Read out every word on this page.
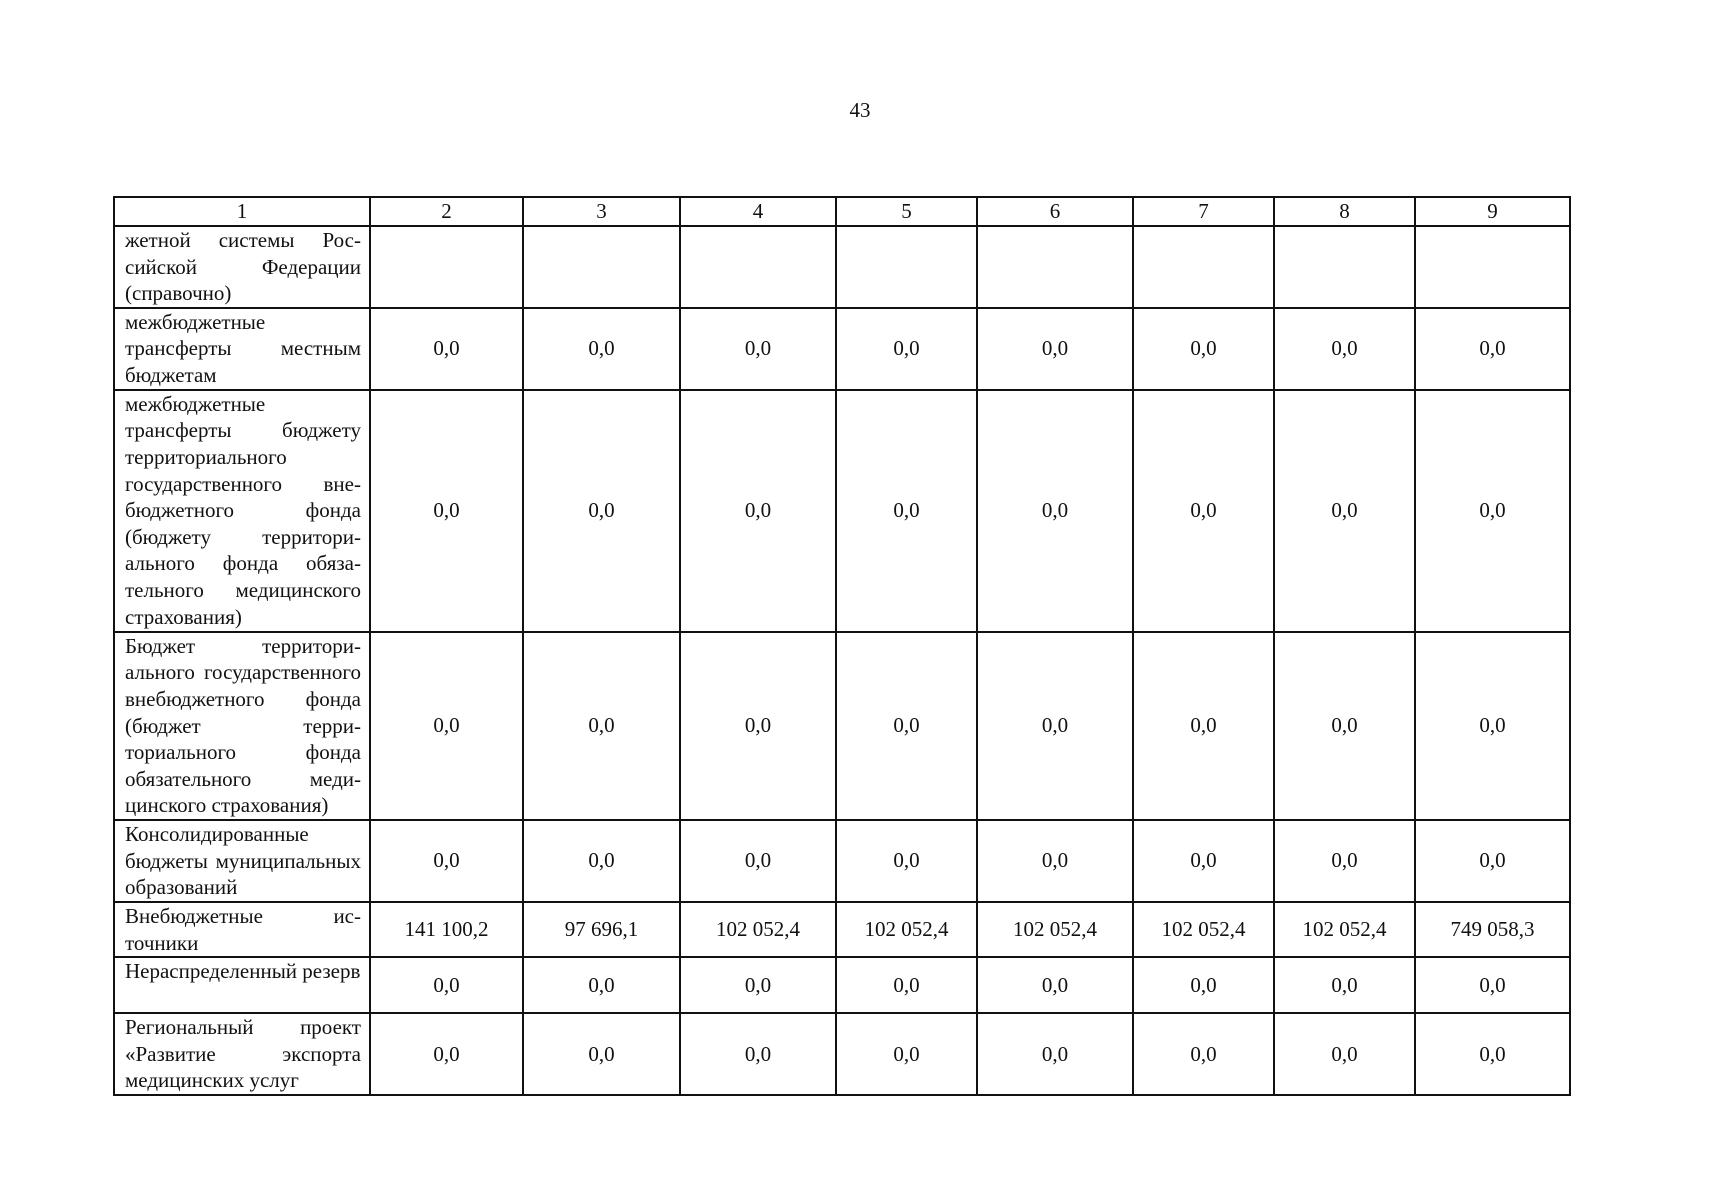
43
1	2	3	4	5	6	7	8	9
жетной системы Российской Федерации (справочно)								
межбюджетные трансферты местным бюджетам	0,0	0,0	0,0	0,0	0,0	0,0	0,0	0,0
межбюджетные трансферты бюджету территориального государственного внебюджетного фонда (бюджету территориального фонда обязательного медицинского страхования)	0,0	0,0	0,0	0,0	0,0	0,0	0,0	0,0
Бюджет территориального государственного внебюджетного фонда (бюджет территориального фонда обязательного медицинского страхования)	0,0	0,0	0,0	0,0	0,0	0,0	0,0	0,0
Консолидированные бюджеты муниципальных образований	0,0	0,0	0,0	0,0	0,0	0,0	0,0	0,0
Внебюджетные источники	141 100,2	97 696,1	102 052,4	102 052,4	102 052,4	102 052,4	102 052,4	749 058,3
Нераспределенный резерв	0,0	0,0	0,0	0,0	0,0	0,0	0,0	0,0
Региональный проект «Развитие экспорта медицинских услуг	0,0	0,0	0,0	0,0	0,0	0,0	0,0	0,0
